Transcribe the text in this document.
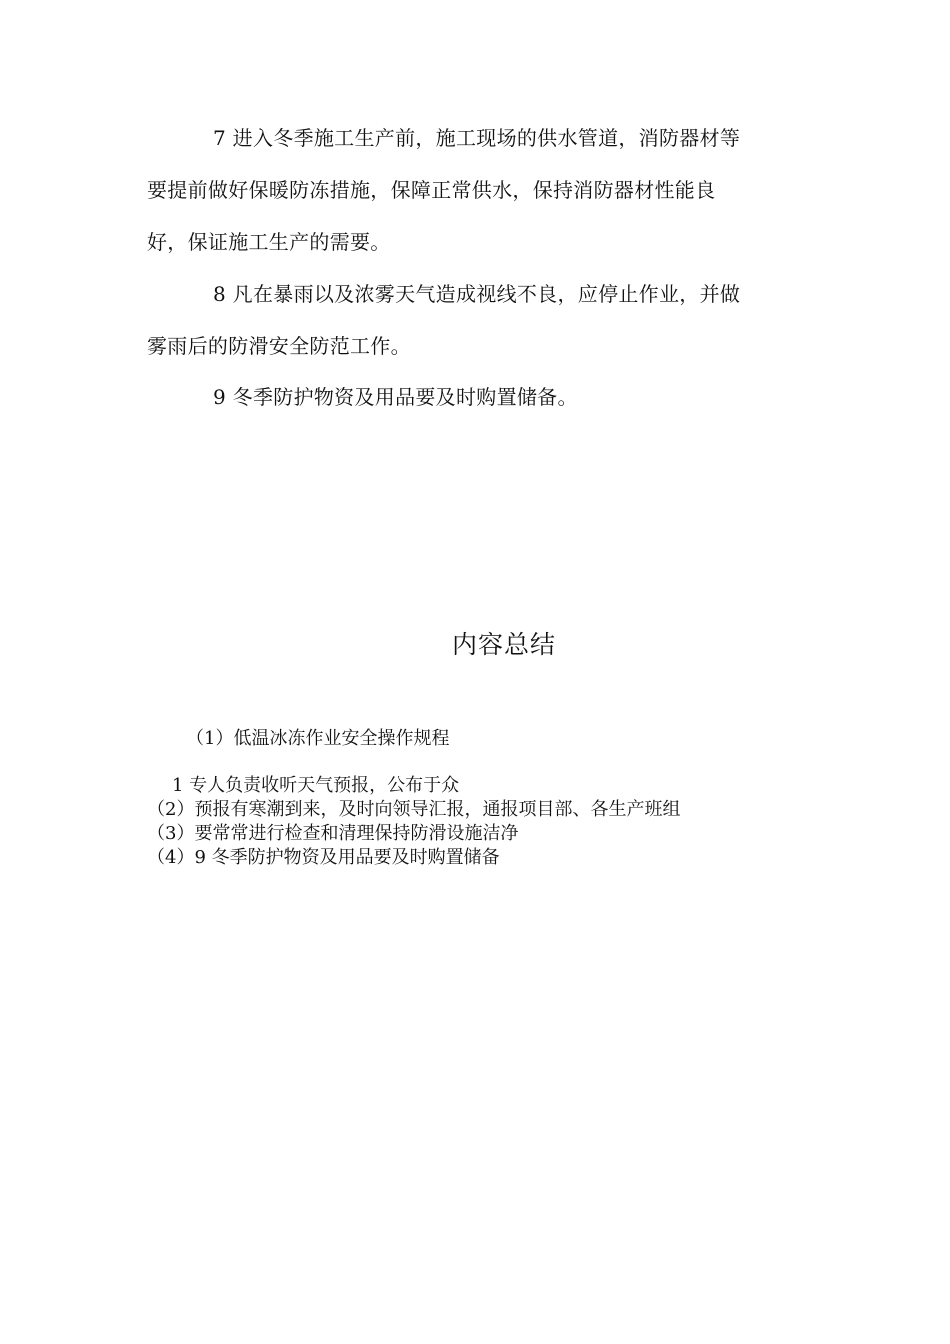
7 进入冬季施工生产前，施工现场的供水管道，消防器材等
要提前做好保暖防冻措施，保障正常供水，保持消防器材性能良
好，保证施工生产的需要。
8 凡在暴雨以及浓雾天气造成视线不良，应停止作业，并做
雾雨后的防滑安全防范工作。
9 冬季防护物资及用品要及时购置储备。
内容总结
（1）低温冰冻作业安全操作规程
1 专人负责收听天气预报，公布于众
（2）预报有寒潮到来，及时向领导汇报，通报项目部、各生产班组
（3）要常常进行检查和清理保持防滑设施洁净
（4）9 冬季防护物资及用品要及时购置储备
